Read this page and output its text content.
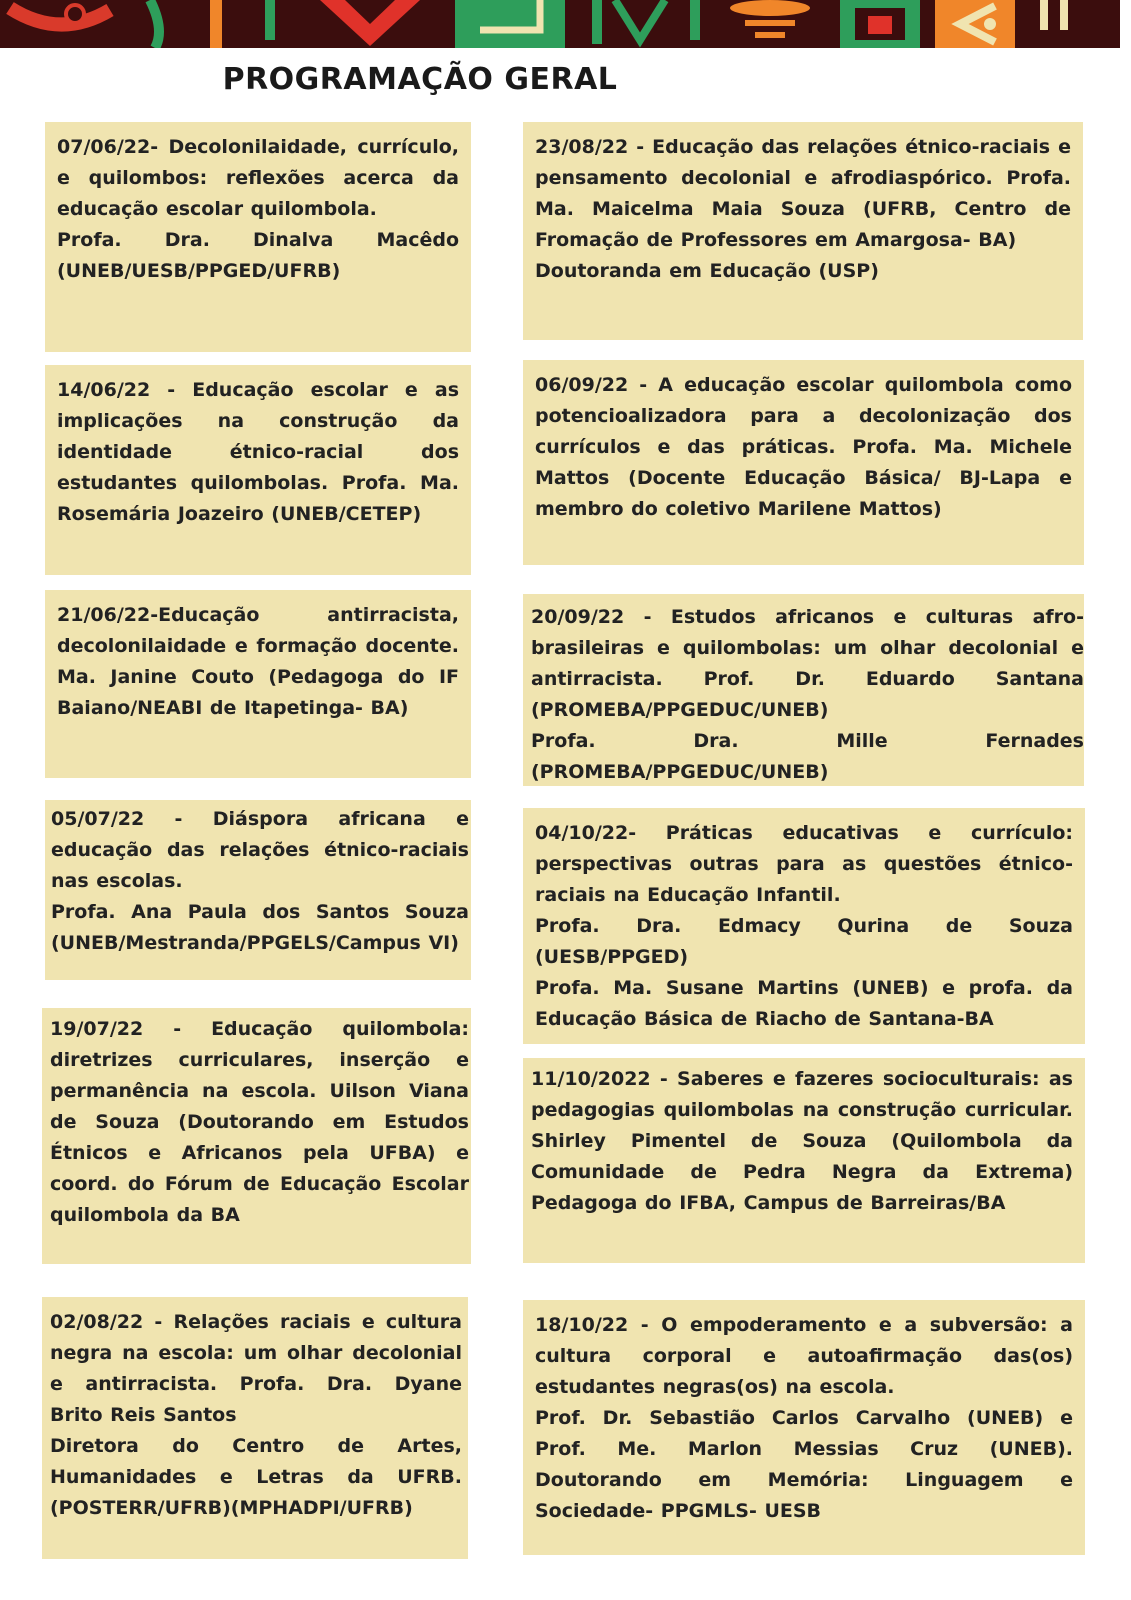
PROGRAMAÇÃO GERAL

07/06/22- Decolonilaidade, currículo, e quilombos: reflexões acerca da educação escolar quilombola.
Profa. Dra. Dinalva Macêdo (UNEB/UESB/PPGED/UFRB)

14/06/22 - Educação escolar e as implicações na construção da identidade étnico-racial dos estudantes quilombolas. Profa. Ma. Rosemária Joazeiro (UNEB/CETEP)

21/06/22-Educação antirracista, decolonilaidade e formação docente. Ma. Janine Couto (Pedagoga do IF Baiano/NEABI de Itapetinga- BA)

05/07/22 - Diáspora africana e educação das relações étnico-raciais nas escolas.
Profa. Ana Paula dos Santos Souza (UNEB/Mestranda/PPGELS/Campus VI)

19/07/22 - Educação quilombola: diretrizes curriculares, inserção e permanência na escola. Uilson Viana de Souza (Doutorando em Estudos Étnicos e Africanos pela UFBA) e coord. do Fórum de Educação Escolar quilombola da BA

02/08/22 - Relações raciais e cultura negra na escola: um olhar decolonial e antirracista. Profa. Dra. Dyane Brito Reis Santos
Diretora do Centro de Artes, Humanidades e Letras da UFRB. (POSTERR/UFRB)(MPHADPI/UFRB)

23/08/22 - Educação das relações étnico-raciais e pensamento decolonial e afrodiaspórico. Profa. Ma. Maicelma Maia Souza (UFRB, Centro de Fromação de Professores em Amargosa- BA)
Doutoranda em Educação (USP)

06/09/22 - A educação escolar quilombola como potencioalizadora para a decolonização dos currículos e das práticas. Profa. Ma. Michele Mattos (Docente Educação Básica/ BJ-Lapa e membro do coletivo Marilene Mattos)

20/09/22 - Estudos africanos e culturas afro-brasileiras e quilombolas: um olhar decolonial e antirracista. Prof. Dr. Eduardo Santana (PROMEBA/PPGEDUC/UNEB)
Profa. Dra. Mille Fernades (PROMEBA/PPGEDUC/UNEB)

04/10/22- Práticas educativas e currículo: perspectivas outras para as questões étnico-raciais na Educação Infantil.
Profa. Dra. Edmacy Qurina de Souza (UESB/PPGED)
Profa. Ma. Susane Martins (UNEB) e profa. da Educação Básica de Riacho de Santana-BA

11/10/2022 - Saberes e fazeres socioculturais: as pedagogias quilombolas na construção curricular. Shirley Pimentel de Souza (Quilombola da Comunidade de Pedra Negra da Extrema) Pedagoga do IFBA, Campus de Barreiras/BA

18/10/22 - O empoderamento e a subversão: a cultura corporal e autoafirmação das(os) estudantes negras(os) na escola.
Prof. Dr. Sebastião Carlos Carvalho (UNEB) e Prof. Me. Marlon Messias Cruz (UNEB). Doutorando em Memória: Linguagem e Sociedade- PPGMLS- UESB
